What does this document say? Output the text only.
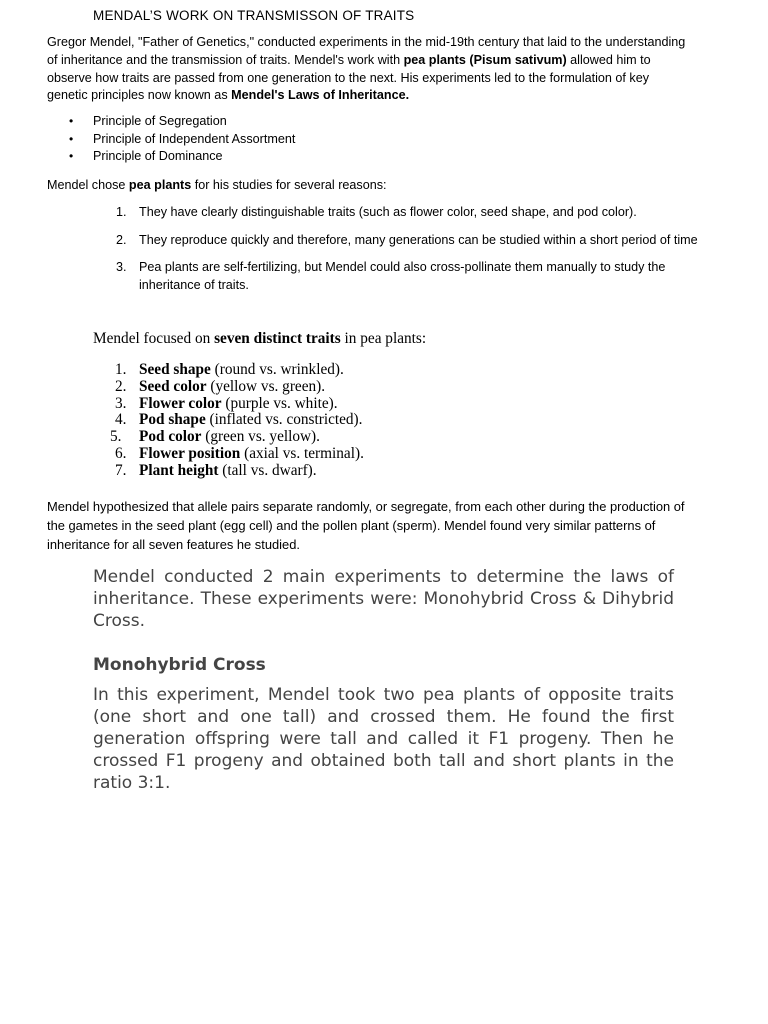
MENDAL’S WORK ON TRANSMISSON OF TRAITS
Gregor Mendel, "Father of Genetics," conducted experiments in the mid-19th century that laid to the understanding of inheritance and the transmission of traits. Mendel's work with pea plants (Pisum sativum) allowed him to observe how traits are passed from one generation to the next. His experiments led to the formulation of key genetic principles now known as Mendel's Laws of Inheritance.
• Principle of Segregation
• Principle of Independent Assortment
• Principle of Dominance
Mendel chose pea plants for his studies for several reasons:
1. They have clearly distinguishable traits (such as flower color, seed shape, and pod color).
2. They reproduce quickly and therefore, many generations can be studied within a short period of time
3. Pea plants are self-fertilizing, but Mendel could also cross-pollinate them manually to study the inheritance of traits.
Mendel focused on seven distinct traits in pea plants:
1. Seed shape (round vs. wrinkled).
2. Seed color (yellow vs. green).
3. Flower color (purple vs. white).
4. Pod shape (inflated vs. constricted).
5. Pod color (green vs. yellow).
6. Flower position (axial vs. terminal).
7. Plant height (tall vs. dwarf).
Mendel hypothesized that allele pairs separate randomly, or segregate, from each other during the production of the gametes in the seed plant (egg cell) and the pollen plant (sperm). Mendel found very similar patterns of inheritance for all seven features he studied.
Mendel conducted 2 main experiments to determine the laws of inheritance. These experiments were: Monohybrid Cross & Dihybrid Cross.
Monohybrid Cross
In this experiment, Mendel took two pea plants of opposite traits (one short and one tall) and crossed them. He found the first generation offspring were tall and called it F1 progeny. Then he crossed F1 progeny and obtained both tall and short plants in the ratio 3:1.
